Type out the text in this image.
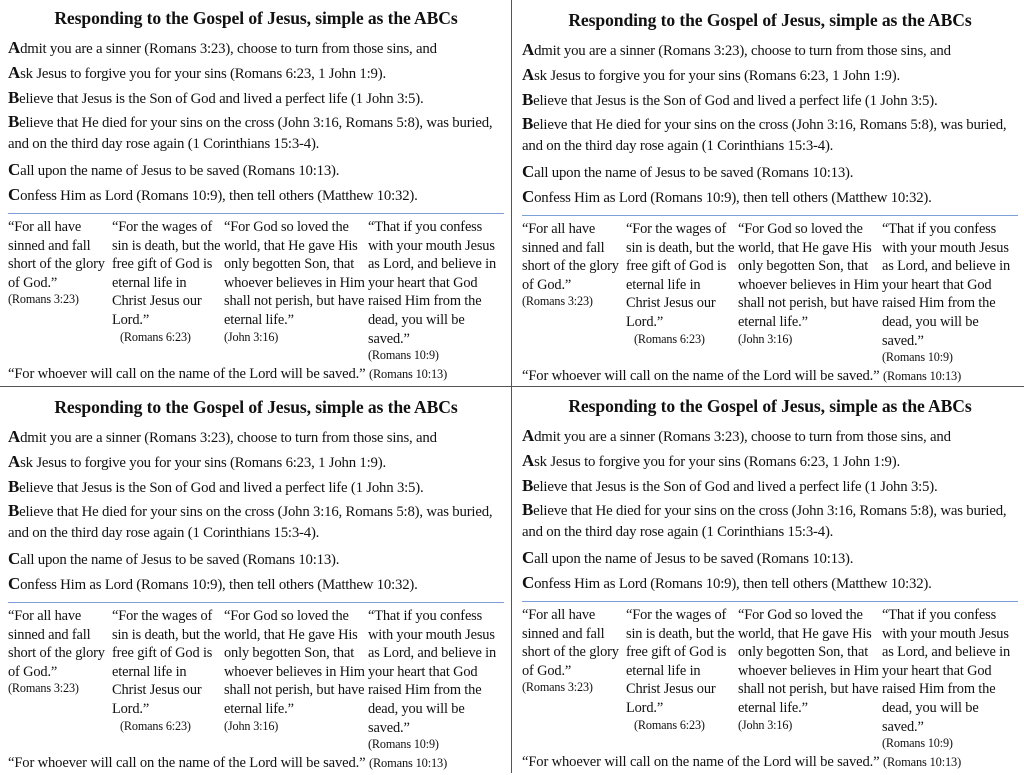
Responding to the Gospel of Jesus, simple as the ABCs

Admit you are a sinner (Romans 3:23), choose to turn from those sins, and

Ask Jesus to forgive you for your sins (Romans 6:23, 1 John 1:9).

Believe that Jesus is the Son of God and lived a perfect life (1 John 3:5).

Believe that He died for your sins on the cross (John 3:16, Romans 5:8), was buried, and on the third day rose again (1 Corinthians 15:3-4).

Call upon the name of Jesus to be saved (Romans 10:13).

Confess Him as Lord (Romans 10:9), then tell others (Matthew 10:32).

“For all have sinned and fall short of the glory of God.”
(Romans 3:23)
“For the wages of sin is death, but the free gift of God is eternal life in Christ Jesus our Lord.”
(Romans 6:23)
“For God so loved the world, that He gave His only begotten Son, that whoever believes in Him shall not perish, but have eternal life.”
(John 3:16)
“That if you confess with your mouth Jesus as Lord, and believe in your heart that God raised Him from the dead, you will be saved.”
(Romans 10:9)
“For whoever will call on the name of the Lord will be saved.” (Romans 10:13)
Responding to the Gospel of Jesus, simple as the ABCs

Admit you are a sinner (Romans 3:23), choose to turn from those sins, and

Ask Jesus to forgive you for your sins (Romans 6:23, 1 John 1:9).

Believe that Jesus is the Son of God and lived a perfect life (1 John 3:5).

Believe that He died for your sins on the cross (John 3:16, Romans 5:8), was buried, and on the third day rose again (1 Corinthians 15:3-4).

Call upon the name of Jesus to be saved (Romans 10:13).

Confess Him as Lord (Romans 10:9), then tell others (Matthew 10:32).

“For all have sinned and fall short of the glory of God.”
(Romans 3:23)
“For the wages of sin is death, but the free gift of God is eternal life in Christ Jesus our Lord.”
(Romans 6:23)
“For God so loved the world, that He gave His only begotten Son, that whoever believes in Him shall not perish, but have eternal life.”
(John 3:16)
“That if you confess with your mouth Jesus as Lord, and believe in your heart that God raised Him from the dead, you will be saved.”
(Romans 10:9)
“For whoever will call on the name of the Lord will be saved.” (Romans 10:13)
Responding to the Gospel of Jesus, simple as the ABCs

Admit you are a sinner (Romans 3:23), choose to turn from those sins, and

Ask Jesus to forgive you for your sins (Romans 6:23, 1 John 1:9).

Believe that Jesus is the Son of God and lived a perfect life (1 John 3:5).

Believe that He died for your sins on the cross (John 3:16, Romans 5:8), was buried, and on the third day rose again (1 Corinthians 15:3-4).

Call upon the name of Jesus to be saved (Romans 10:13).

Confess Him as Lord (Romans 10:9), then tell others (Matthew 10:32).

“For all have sinned and fall short of the glory of God.”
(Romans 3:23)
“For the wages of sin is death, but the free gift of God is eternal life in Christ Jesus our Lord.”
(Romans 6:23)
“For God so loved the world, that He gave His only begotten Son, that whoever believes in Him shall not perish, but have eternal life.”
(John 3:16)
“That if you confess with your mouth Jesus as Lord, and believe in your heart that God raised Him from the dead, you will be saved.”
(Romans 10:9)
“For whoever will call on the name of the Lord will be saved.” (Romans 10:13)
Responding to the Gospel of Jesus, simple as the ABCs

Admit you are a sinner (Romans 3:23), choose to turn from those sins, and

Ask Jesus to forgive you for your sins (Romans 6:23, 1 John 1:9).

Believe that Jesus is the Son of God and lived a perfect life (1 John 3:5).

Believe that He died for your sins on the cross (John 3:16, Romans 5:8), was buried, and on the third day rose again (1 Corinthians 15:3-4).

Call upon the name of Jesus to be saved (Romans 10:13).

Confess Him as Lord (Romans 10:9), then tell others (Matthew 10:32).

“For all have sinned and fall short of the glory of God.”
(Romans 3:23)
“For the wages of sin is death, but the free gift of God is eternal life in Christ Jesus our Lord.”
(Romans 6:23)
“For God so loved the world, that He gave His only begotten Son, that whoever believes in Him shall not perish, but have eternal life.”
(John 3:16)
“That if you confess with your mouth Jesus as Lord, and believe in your heart that God raised Him from the dead, you will be saved.”
(Romans 10:9)
“For whoever will call on the name of the Lord will be saved.” (Romans 10:13)
